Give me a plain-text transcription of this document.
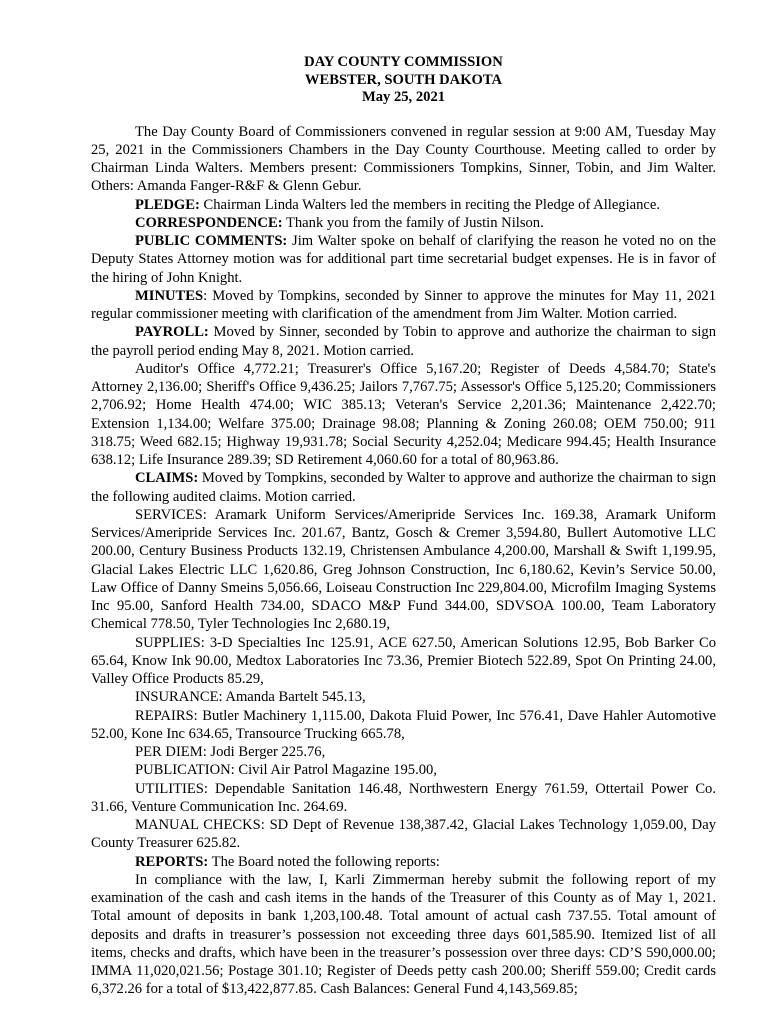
DAY COUNTY COMMISSION
WEBSTER, SOUTH DAKOTA
May 25, 2021

The Day County Board of Commissioners convened in regular session at 9:00 AM, Tuesday May 25, 2021 in the Commissioners Chambers in the Day County Courthouse. Meeting called to order by Chairman Linda Walters. Members present: Commissioners Tompkins, Sinner, Tobin, and Jim Walter. Others: Amanda Fanger-R&F & Glenn Gebur.

PLEDGE: Chairman Linda Walters led the members in reciting the Pledge of Allegiance.

CORRESPONDENCE: Thank you from the family of Justin Nilson.

PUBLIC COMMENTS: Jim Walter spoke on behalf of clarifying the reason he voted no on the Deputy States Attorney motion was for additional part time secretarial budget expenses. He is in favor of the hiring of John Knight.

MINUTES: Moved by Tompkins, seconded by Sinner to approve the minutes for May 11, 2021 regular commissioner meeting with clarification of the amendment from Jim Walter. Motion carried.

PAYROLL: Moved by Sinner, seconded by Tobin to approve and authorize the chairman to sign the payroll period ending May 8, 2021. Motion carried.

Auditor's Office 4,772.21; Treasurer's Office 5,167.20; Register of Deeds 4,584.70; State's Attorney 2,136.00; Sheriff's Office 9,436.25; Jailors 7,767.75; Assessor's Office 5,125.20; Commissioners 2,706.92; Home Health 474.00; WIC 385.13; Veteran's Service 2,201.36; Maintenance 2,422.70; Extension 1,134.00; Welfare 375.00; Drainage 98.08; Planning & Zoning 260.08; OEM 750.00; 911 318.75; Weed 682.15; Highway 19,931.78; Social Security 4,252.04; Medicare 994.45; Health Insurance 638.12; Life Insurance 289.39; SD Retirement 4,060.60 for a total of 80,963.86.

CLAIMS: Moved by Tompkins, seconded by Walter to approve and authorize the chairman to sign the following audited claims. Motion carried.

SERVICES: Aramark Uniform Services/Ameripride Services Inc. 169.38, Aramark Uniform Services/Ameripride Services Inc. 201.67, Bantz, Gosch & Cremer 3,594.80, Bullert Automotive LLC 200.00, Century Business Products 132.19, Christensen Ambulance 4,200.00, Marshall & Swift 1,199.95, Glacial Lakes Electric LLC 1,620.86, Greg Johnson Construction, Inc 6,180.62, Kevin’s Service 50.00, Law Office of Danny Smeins 5,056.66, Loiseau Construction Inc 229,804.00, Microfilm Imaging Systems Inc 95.00, Sanford Health 734.00, SDACO M&P Fund 344.00, SDVSOA 100.00, Team Laboratory Chemical 778.50, Tyler Technologies Inc 2,680.19,

SUPPLIES: 3-D Specialties Inc 125.91, ACE 627.50, American Solutions 12.95, Bob Barker Co 65.64, Know Ink 90.00, Medtox Laboratories Inc 73.36, Premier Biotech 522.89, Spot On Printing 24.00, Valley Office Products 85.29,

INSURANCE: Amanda Bartelt 545.13,

REPAIRS: Butler Machinery 1,115.00, Dakota Fluid Power, Inc 576.41, Dave Hahler Automotive 52.00, Kone Inc 634.65, Transource Trucking 665.78,

PER DIEM: Jodi Berger 225.76,

PUBLICATION: Civil Air Patrol Magazine 195.00,

UTILITIES: Dependable Sanitation 146.48, Northwestern Energy 761.59, Ottertail Power Co. 31.66, Venture Communication Inc. 264.69.

MANUAL CHECKS: SD Dept of Revenue 138,387.42, Glacial Lakes Technology 1,059.00, Day County Treasurer 625.82.

REPORTS: The Board noted the following reports:

In compliance with the law, I, Karli Zimmerman hereby submit the following report of my examination of the cash and cash items in the hands of the Treasurer of this County as of May 1, 2021. Total amount of deposits in bank 1,203,100.48. Total amount of actual cash 737.55. Total amount of deposits and drafts in treasurer’s possession not exceeding three days 601,585.90. Itemized list of all items, checks and drafts, which have been in the treasurer’s possession over three days: CD’S 590,000.00; IMMA 11,020,021.56; Postage 301.10; Register of Deeds petty cash 200.00; Sheriff 559.00; Credit cards 6,372.26 for a total of $13,422,877.85. Cash Balances: General Fund 4,143,569.85;
